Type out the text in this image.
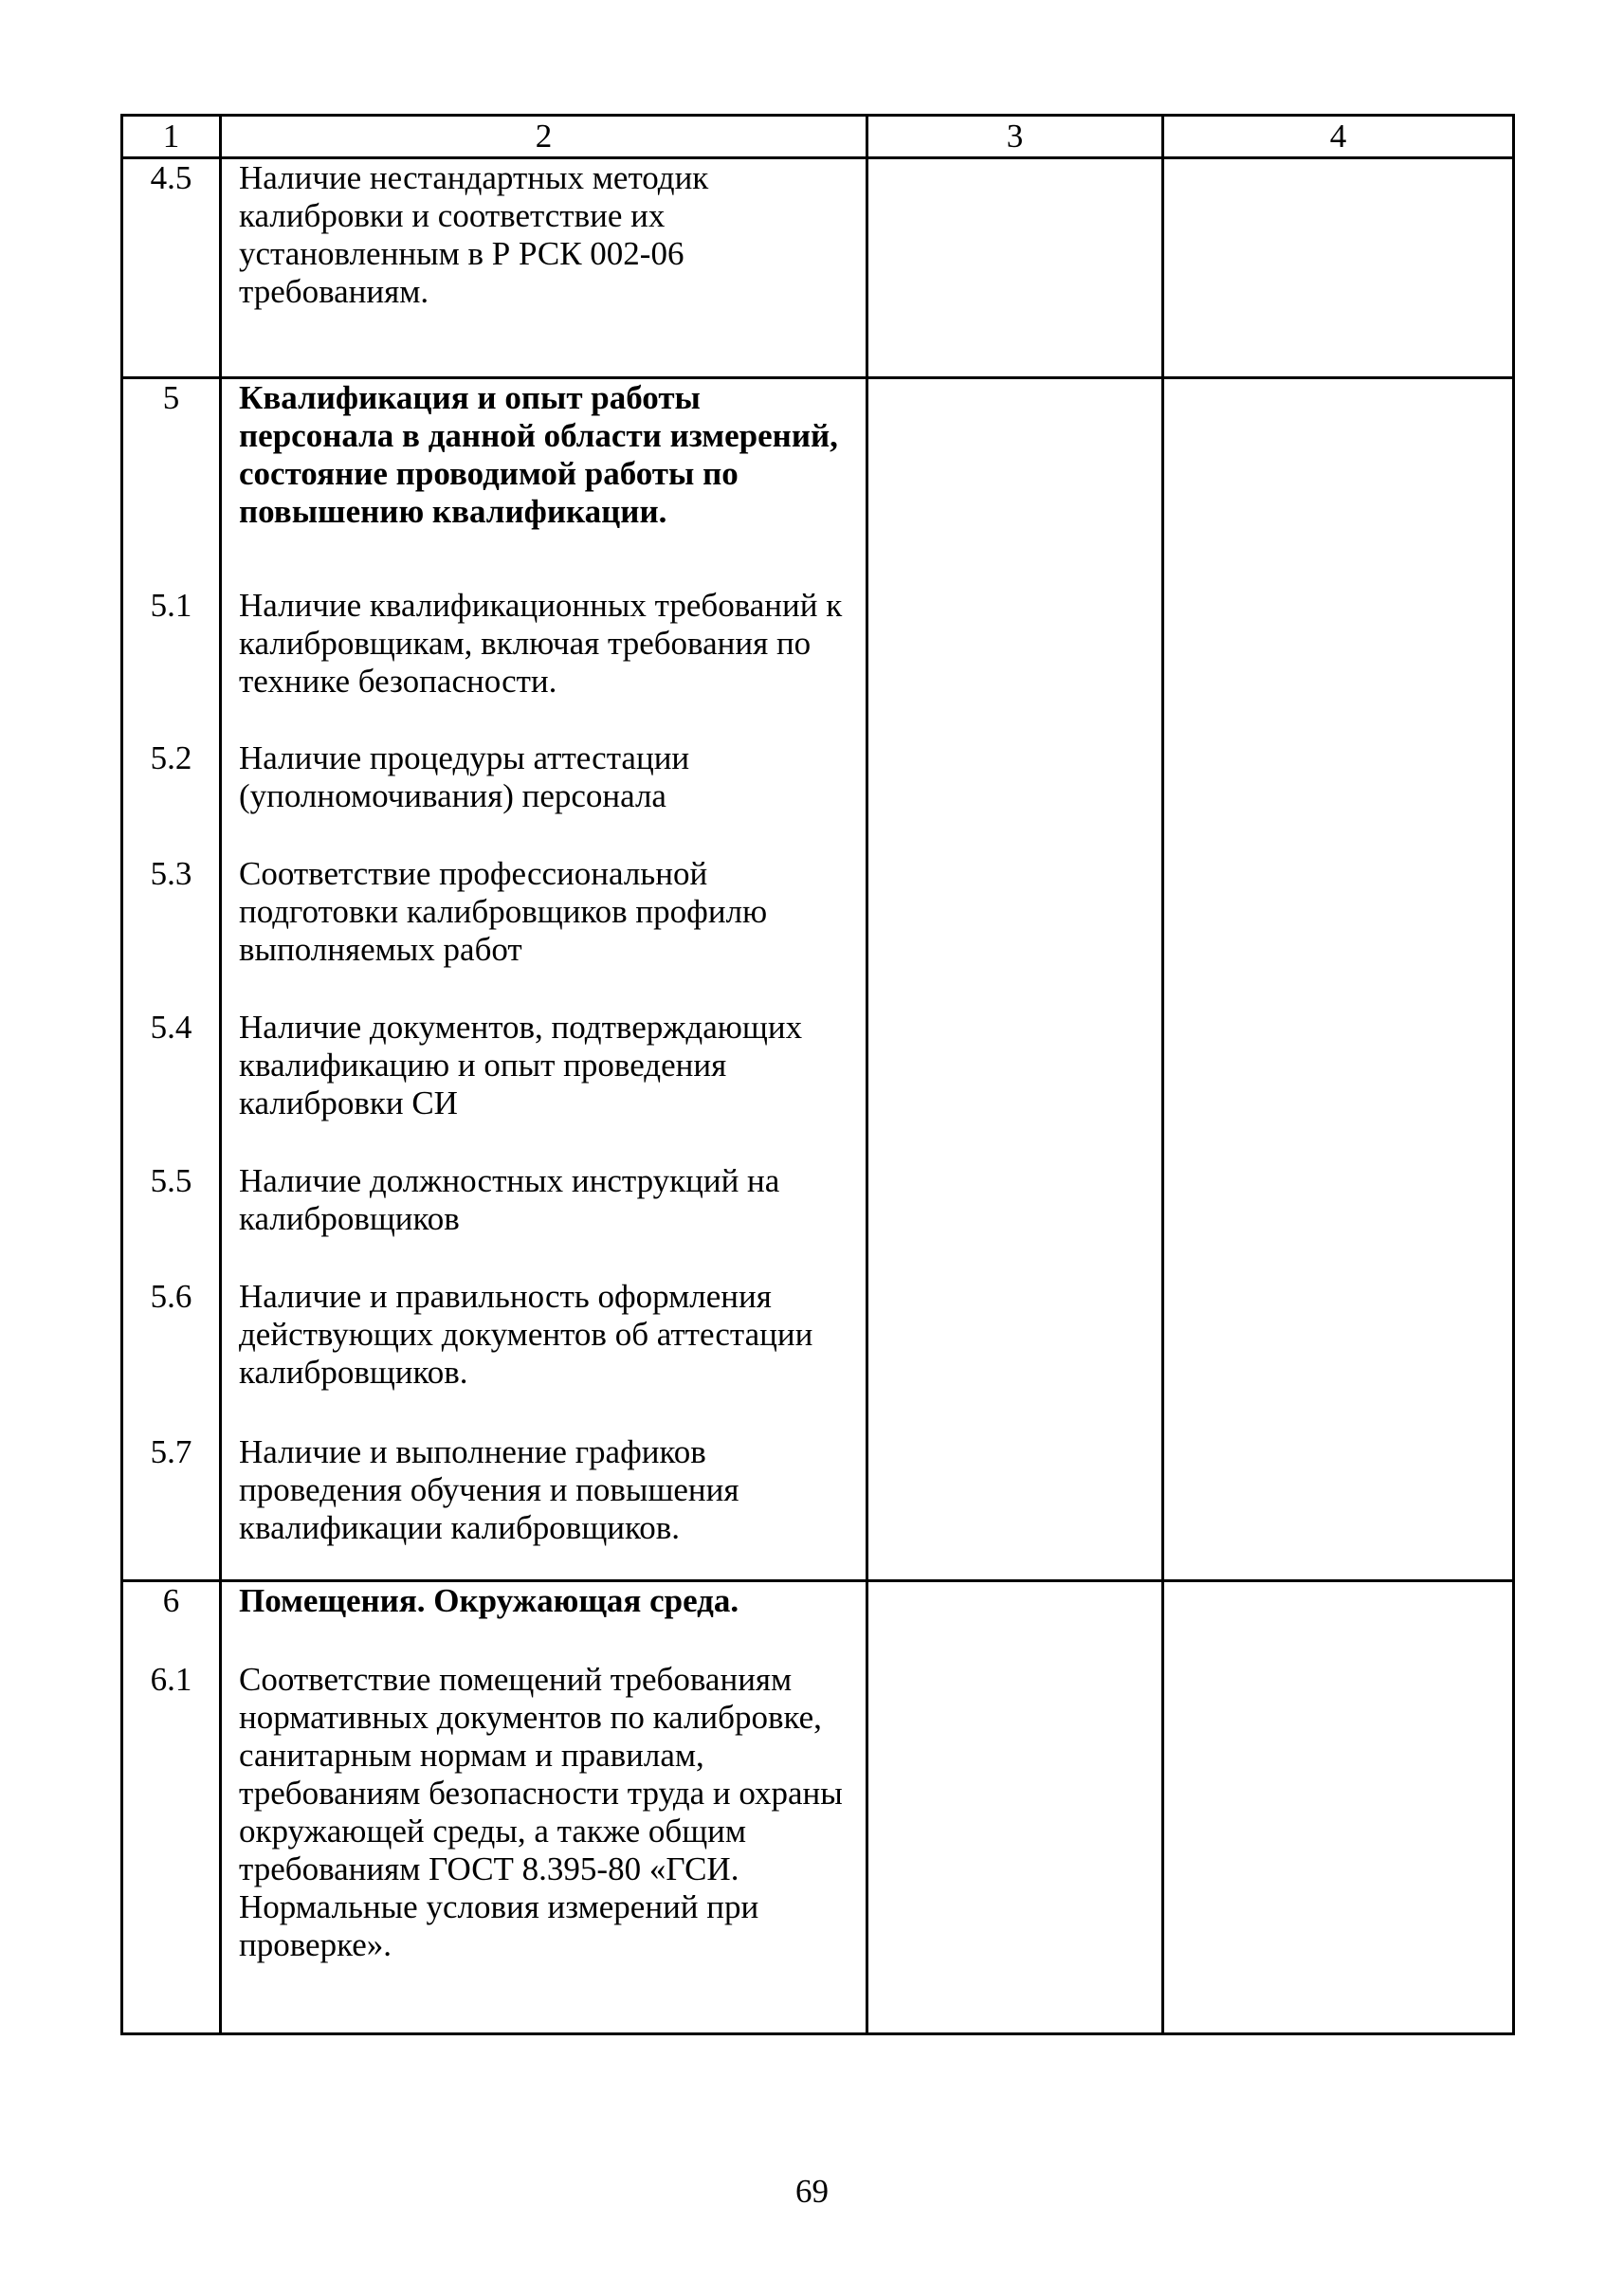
1	2	3	4
4.5	Наличие нестандартных методик калибровки и соответствие их установленным в Р РСК 002-06 требованиям.		
5	Квалификация и опыт работы персонала в данной области измерений, состояние проводимой работы по повышению квалификации.		
5.1	Наличие квалификационных требований к калибровщикам, включая требования по технике безопасности.		
5.2	Наличие процедуры аттестации (уполномочивания) персонала		
5.3	Соответствие профессиональной подготовки калибровщиков профилю выполняемых работ		
5.4	Наличие документов, подтверждающих квалификацию и опыт проведения калибровки СИ		
5.5	Наличие должностных инструкций на калибровщиков		
5.6	Наличие и правильность оформления действующих документов об аттестации калибровщиков.		
5.7	Наличие и выполнение графиков проведения обучения и повышения квалификации калибровщиков.		
6	Помещения. Окружающая среда.		
6.1	Соответствие помещений требованиям нормативных документов по калибровке, санитарным нормам и правилам, требованиям безопасности труда и охраны окружающей среды, а также общим требованиям ГОСТ 8.395-80 «ГСИ. Нормальные условия измерений при проверке».		
69
